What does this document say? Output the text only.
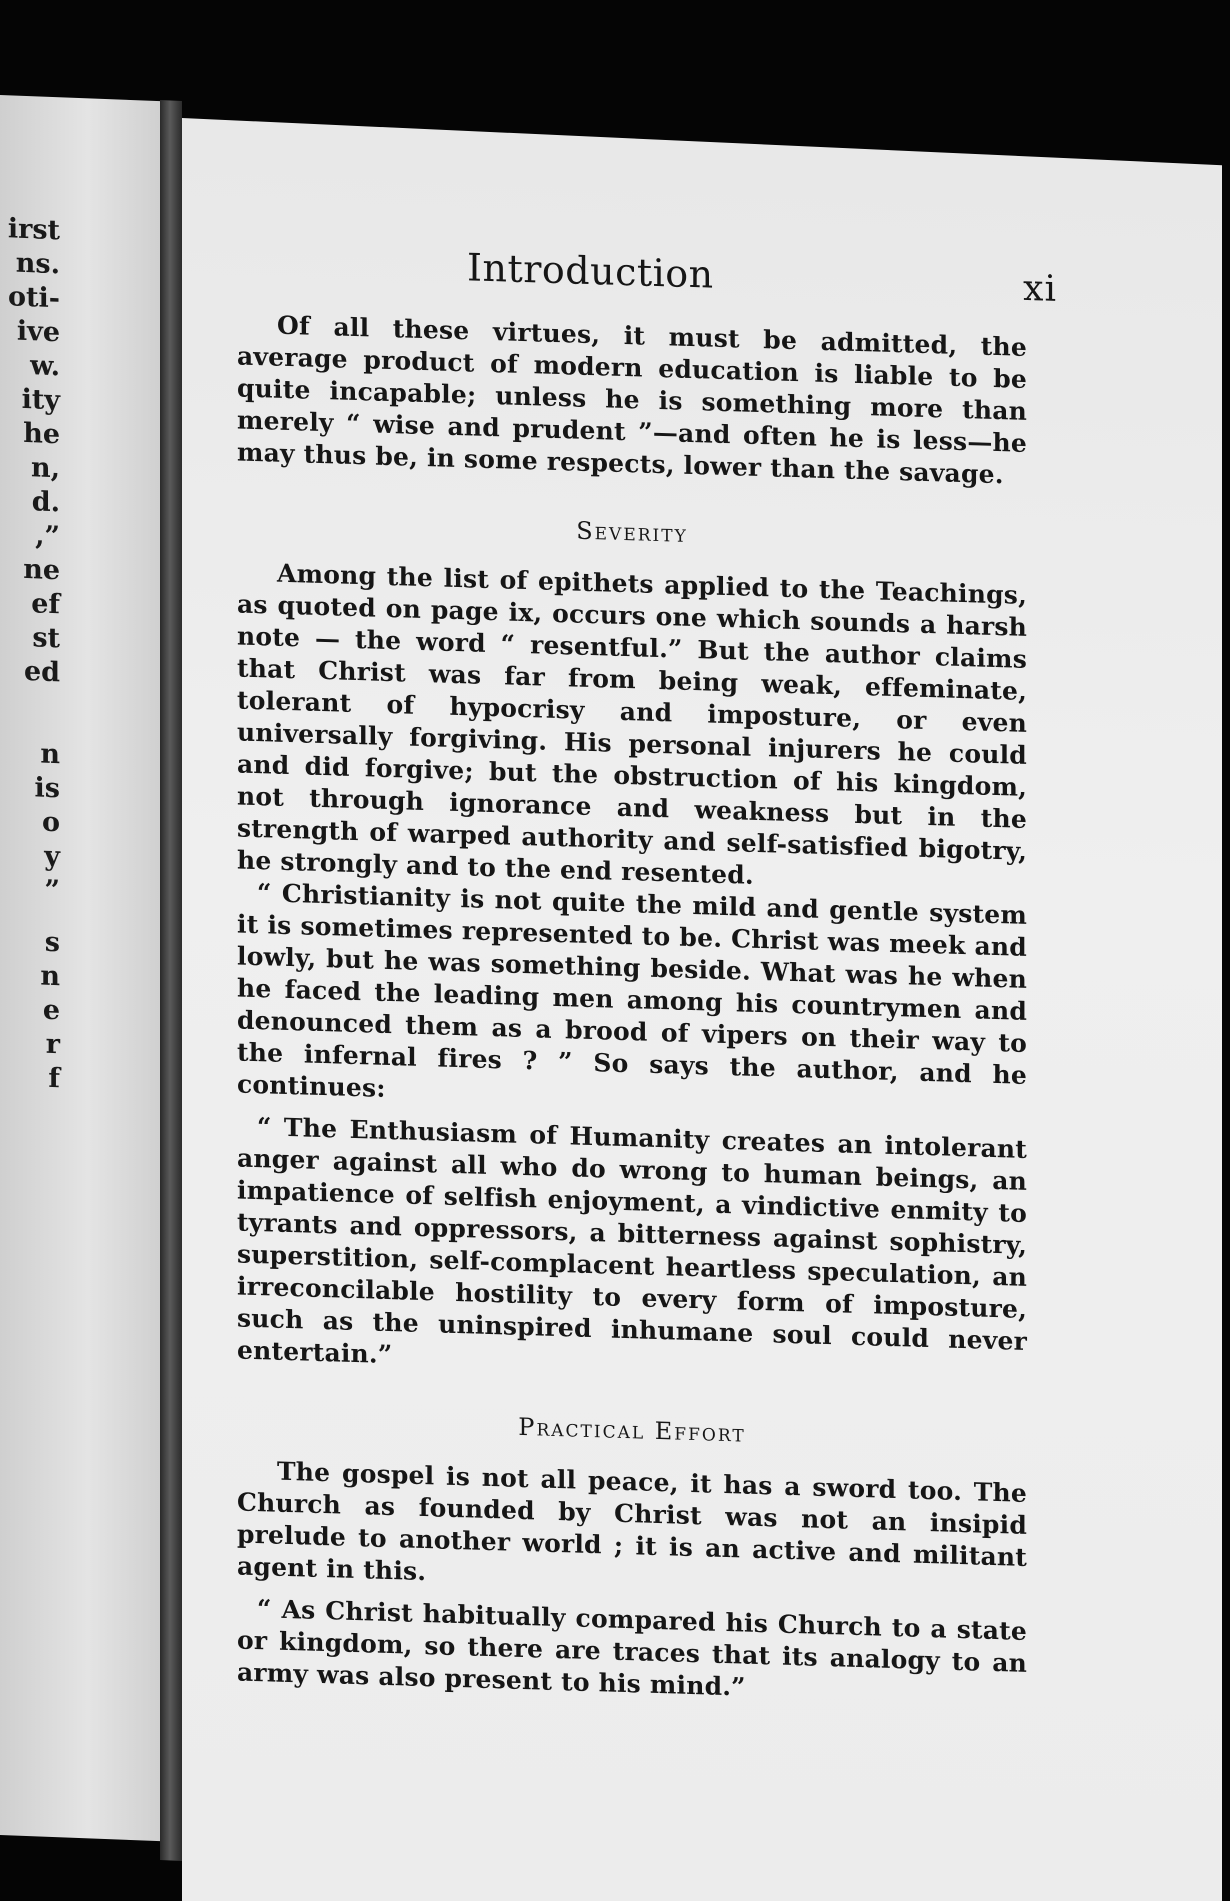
irst
ns.
oti-
ive
w.
ity
he
n,
d.
,”
ne
ef
st
ed
n
is
o
y
”
s
n
e
r
f
Introduction	xi

Of all these virtues, it must be admitted, the average product of modern education is liable to be quite incapable; unless he is something more than merely “ wise and prudent ”—and often he is less—he may thus be, in some respects, lower than the savage.

Severity

Among the list of epithets applied to the Teachings, as quoted on page ix, occurs one which sounds a harsh note — the word “ resentful.” But the author claims that Christ was far from being weak, effeminate, tolerant of hypocrisy and imposture, or even universally forgiving. His personal injurers he could and did forgive; but the obstruction of his kingdom, not through ignorance and weakness but in the strength of warped authority and self-satisfied bigotry, he strongly and to the end resented.

“ Christianity is not quite the mild and gentle system it is sometimes represented to be. Christ was meek and lowly, but he was something beside. What was he when he faced the leading men among his countrymen and denounced them as a brood of vipers on their way to the infernal fires ? ” So says the author, and he continues:

“ The Enthusiasm of Humanity creates an intolerant anger against all who do wrong to human beings, an impatience of selfish enjoyment, a vindictive enmity to tyrants and oppressors, a bitterness against sophistry, superstition, self-complacent heartless speculation, an irreconcilable hostility to every form of imposture, such as the uninspired inhumane soul could never entertain.”

Practical Effort

The gospel is not all peace, it has a sword too. The Church as founded by Christ was not an insipid prelude to another world ; it is an active and militant agent in this.

“ As Christ habitually compared his Church to a state or kingdom, so there are traces that its analogy to an army was also present to his mind.”
